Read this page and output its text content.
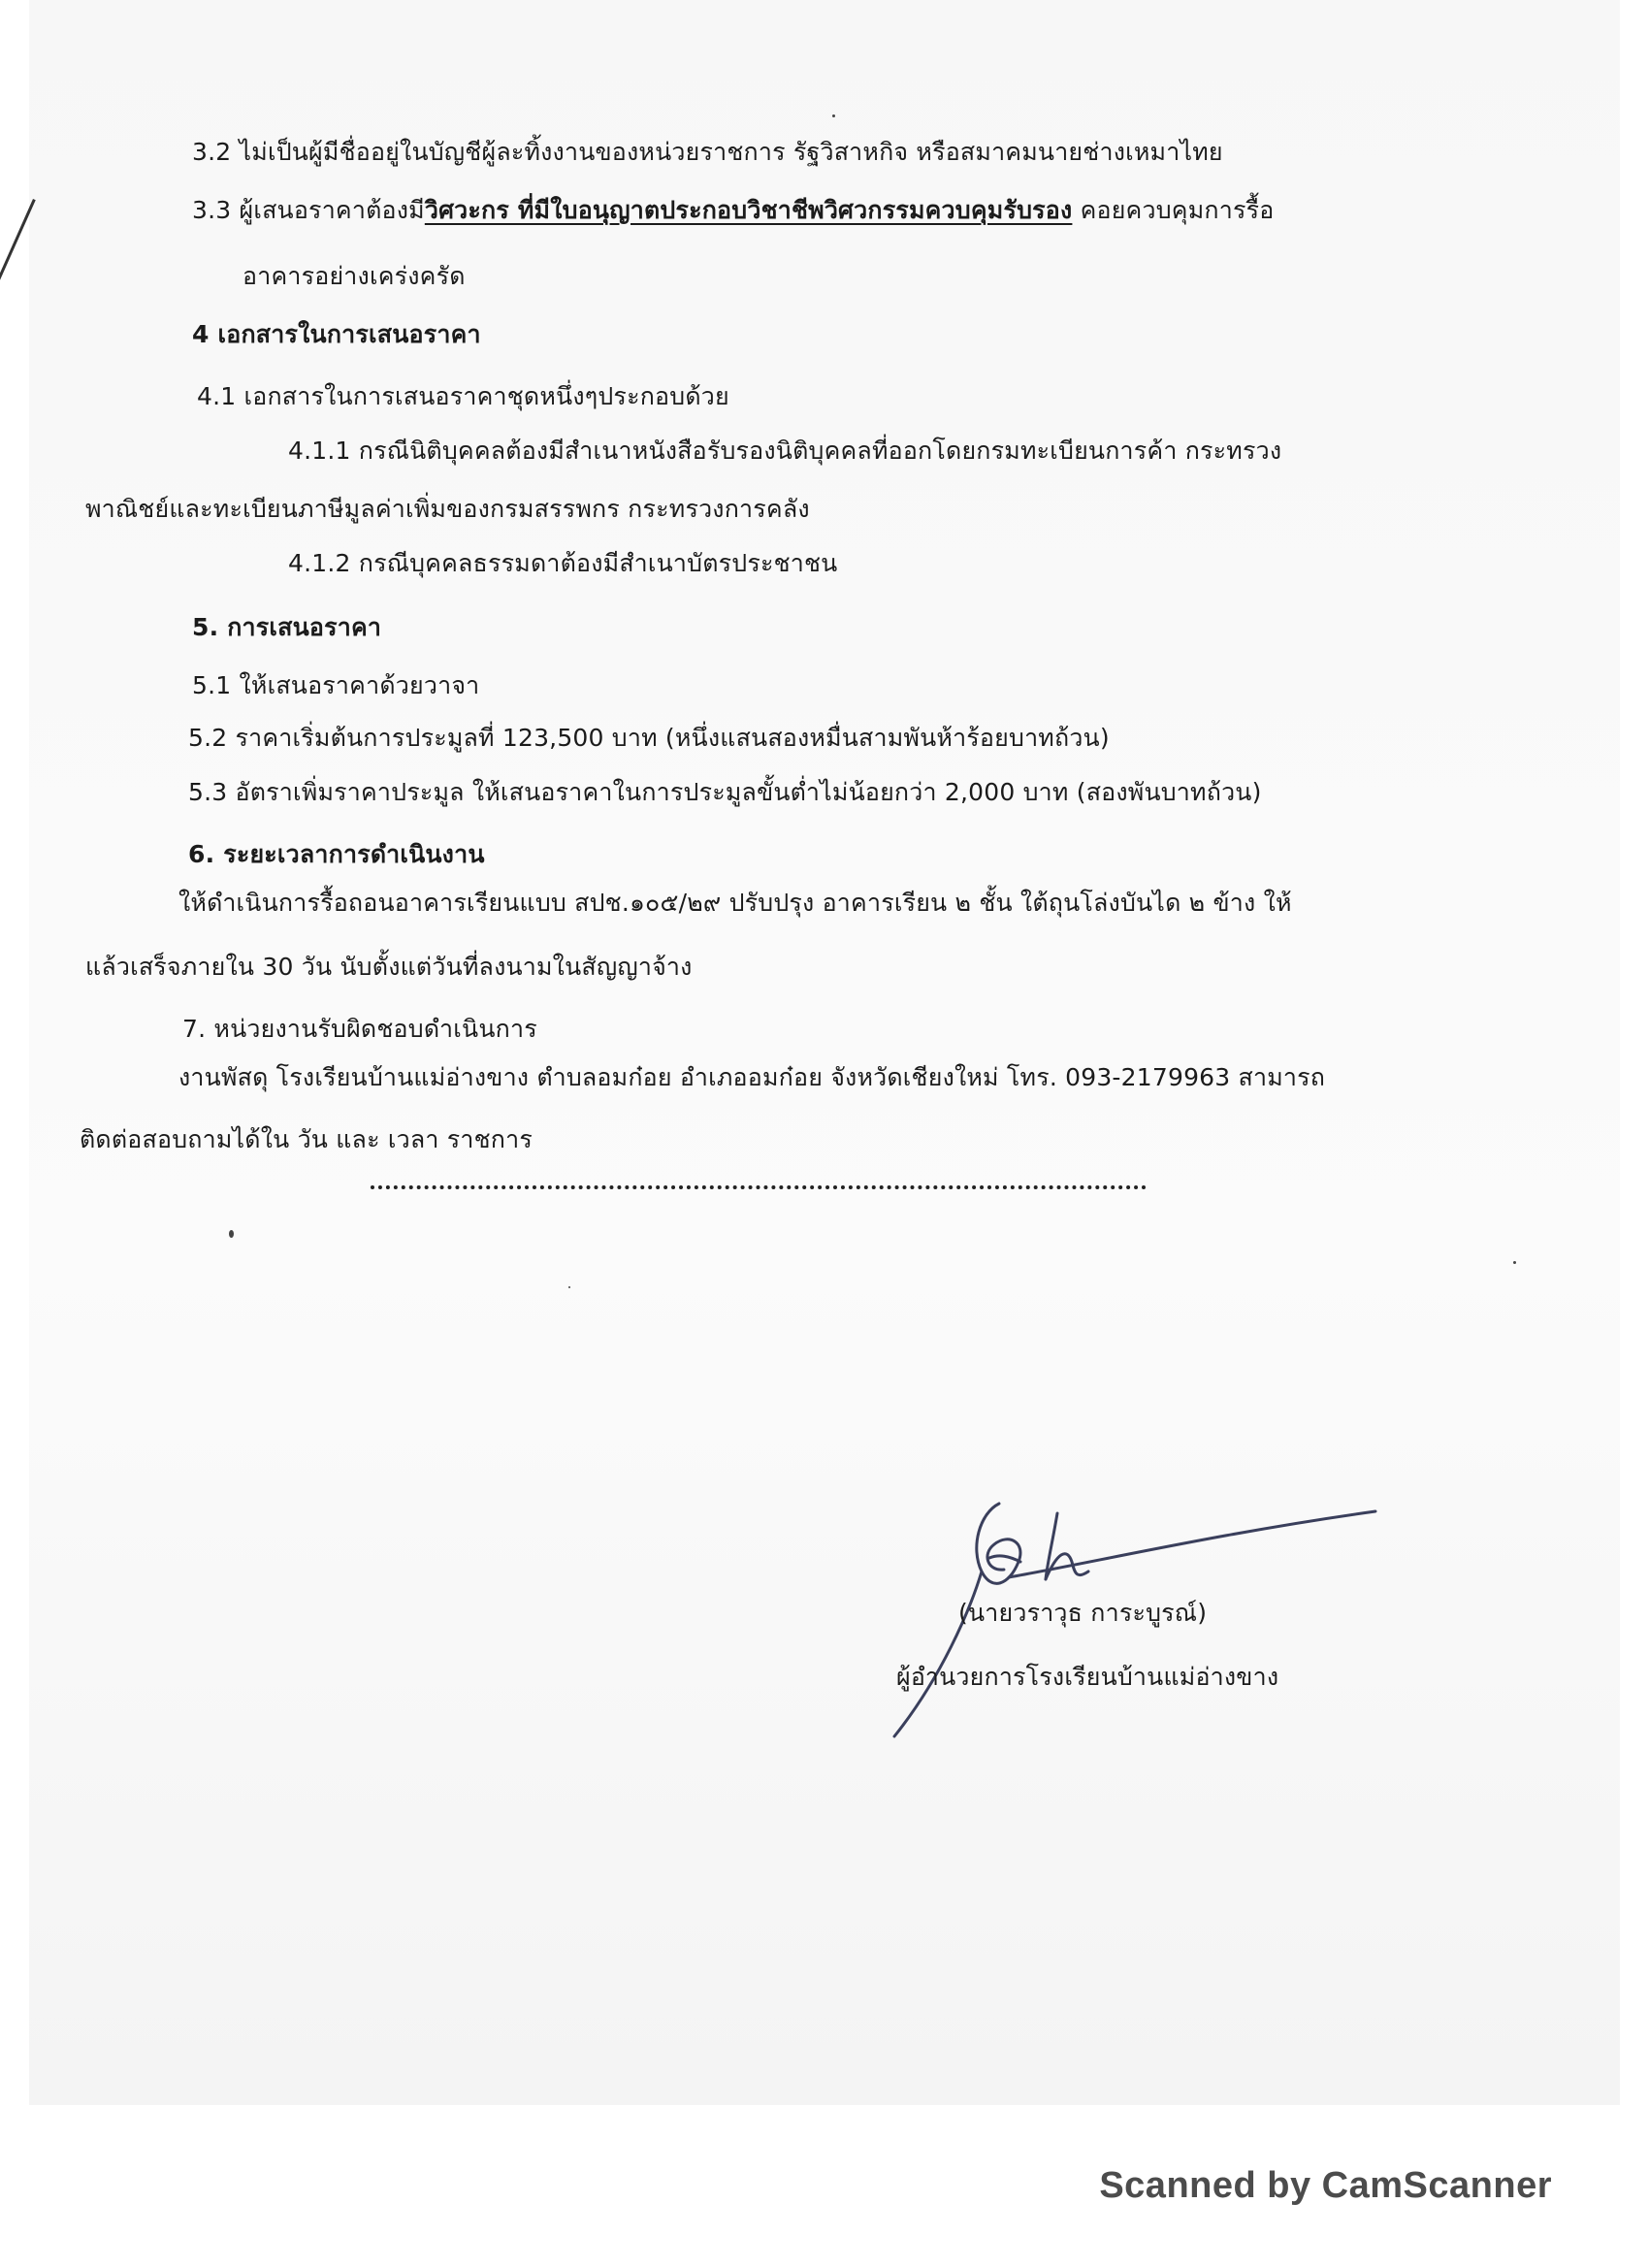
3.2 ไม่เป็นผู้มีชื่ออยู่ในบัญชีผู้ละทิ้งงานของหน่วยราชการ รัฐวิสาหกิจ หรือสมาคมนายช่างเหมาไทย
3.3 ผู้เสนอราคาต้องมีวิศวะกร ที่มีใบอนุญาตประกอบวิชาชีพวิศวกรรมควบคุมรับรอง คอยควบคุมการรื้อ
อาคารอย่างเคร่งครัด
4 เอกสารในการเสนอราคา
4.1 เอกสารในการเสนอราคาชุดหนึ่งๆประกอบด้วย
4.1.1 กรณีนิติบุคคลต้องมีสำเนาหนังสือรับรองนิติบุคคลที่ออกโดยกรมทะเบียนการค้า กระทรวง
พาณิชย์และทะเบียนภาษีมูลค่าเพิ่มของกรมสรรพกร กระทรวงการคลัง
4.1.2 กรณีบุคคลธรรมดาต้องมีสำเนาบัตรประชาชน
5. การเสนอราคา
5.1 ให้เสนอราคาด้วยวาจา
5.2 ราคาเริ่มต้นการประมูลที่ 123,500 บาท (หนึ่งแสนสองหมื่นสามพันห้าร้อยบาทถ้วน)
5.3 อัตราเพิ่มราคาประมูล ให้เสนอราคาในการประมูลขั้นต่ำไม่น้อยกว่า 2,000 บาท (สองพันบาทถ้วน)
6. ระยะเวลาการดำเนินงาน
ให้ดำเนินการรื้อถอนอาคารเรียนแบบ สปช.๑๐๕/๒๙ ปรับปรุง อาคารเรียน ๒ ชั้น ใต้ถุนโล่งบันได ๒ ข้าง ให้
แล้วเสร็จภายใน 30 วัน นับตั้งแต่วันที่ลงนามในสัญญาจ้าง
7. หน่วยงานรับผิดชอบดำเนินการ
งานพัสดุ โรงเรียนบ้านแม่อ่างขาง ตำบลอมก๋อย อำเภออมก๋อย จังหวัดเชียงใหม่ โทร. 093-2179963 สามารถ
ติดต่อสอบถามได้ใน วัน และ เวลา ราชการ
(นายวราวุธ การะบูรณ์)
ผู้อำนวยการโรงเรียนบ้านแม่อ่างขาง
Scanned by CamScanner
